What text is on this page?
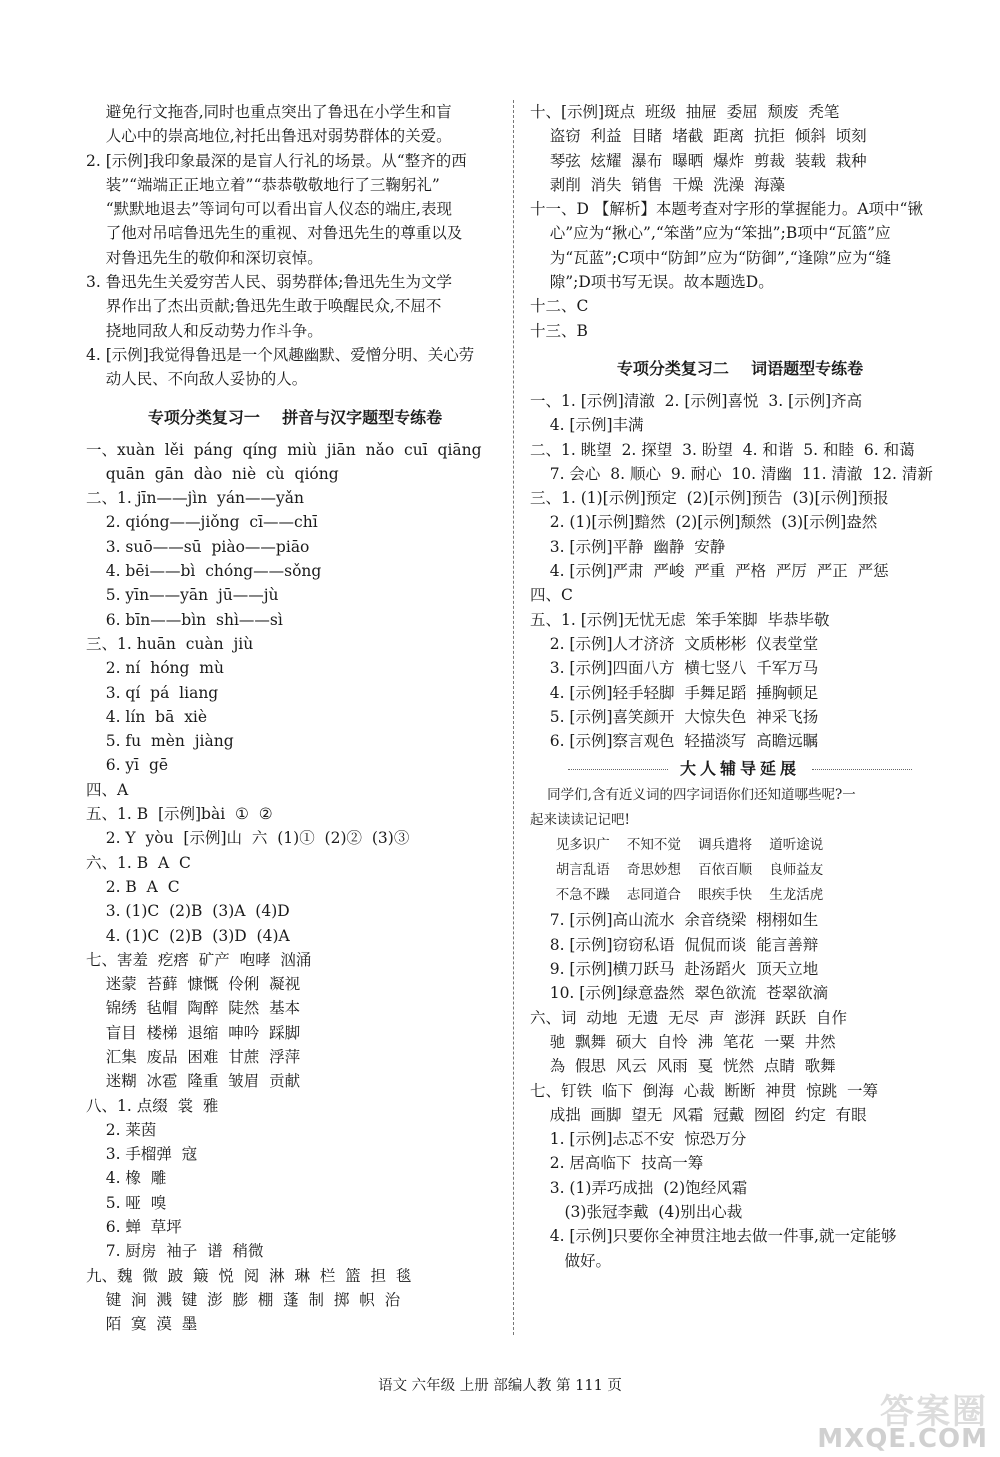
避免行文拖沓,同时也重点突出了鲁迅在小学生和盲
人心中的崇高地位,衬托出鲁迅对弱势群体的关爱。
2. [示例]我印象最深的是盲人行礼的场景。从“整齐的西
装”“端端正正地立着”“恭恭敬敬地行了三鞠躬礼”
“默默地退去”等词句可以看出盲人仪态的端庄,表现
了他对吊唁鲁迅先生的重视、对鲁迅先生的尊重以及
对鲁迅先生的敬仰和深切哀悼。
3. 鲁迅先生关爱穷苦人民、弱势群体;鲁迅先生为文学
界作出了杰出贡献;鲁迅先生敢于唤醒民众,不屈不
挠地同敌人和反动势力作斗争。
4. [示例]我觉得鲁迅是一个风趣幽默、爱憎分明、关心劳
动人民、不向敌人妥协的人。
专项分类复习一    拼音与汉字题型专练卷
一、xuàn  lěi  páng  qíng  miù  jiān  nǎo  cuī  qiāng
quān  gān  dào  niè  cù  qióng
二、1. jīn——jìn  yán——yǎn
2. qióng——jiǒng  cī——chī
3. suō——sū  piào——piāo
4. bēi——bì  chóng——sǒng
5. yīn——yān  jū——jù
6. bīn——bìn  shì——sì
三、1. huān  cuàn  jiù
2. ní  hóng  mù
3. qí  pá  liang
4. lín  bā  xiè
5. fu  mèn  jiàng
6. yī  gē
四、A
五、1. B  [示例]bài  ①  ②
2. Y  yòu  [示例]山  六  (1)①  (2)②  (3)③
六、1. B  A  C
2. B  A  C
3. (1)C  (2)B  (3)A  (4)D
4. (1)C  (2)B  (3)D  (4)A
七、害羞  疙瘩  矿产  咆哮  汹涌
迷蒙  苔藓  慷慨  伶俐  凝视
锦绣  毡帽  陶醉  陡然  基本
盲目  楼梯  退缩  呻吟  踩脚
汇集  废品  困难  甘蔗  浮萍
迷糊  冰雹  隆重  皱眉  贡献
八、1. 点缀  裳  雅
2. 莱茵
3. 手榴弹  寇
4. 橡  雕
5. 哑  嗅
6. 蝉  草坪
7. 厨房  袖子  谱  稍微
九、魏  微  跛  簸  悦  阅  淋  琳  栏  篮  担  毯
键  涧  溅  键  澎  膨  棚  蓬  制  掷  帜  治
陌  寞  漠  墨
十、[示例]斑点  班级  抽屉  委屈  颓废  秃笔
盗窃  利益  目睹  堵截  距离  抗拒  倾斜  顷刻
琴弦  炫耀  瀑布  曝晒  爆炸  剪裁  装载  栽种
剥削  消失  销售  干燥  洗澡  海藻
十一、D 【解析】本题考查对字形的掌握能力。A项中“锹
心”应为“揪心”,“笨凿”应为“笨拙”;B项中“瓦篮”应
为“瓦蓝”;C项中“防卸”应为“防御”,“逢隙”应为“缝
隙”;D项书写无误。故本题选D。
十二、C
十三、B
专项分类复习二    词语题型专练卷
一、1. [示例]清澈  2. [示例]喜悦  3. [示例]齐高
4. [示例]丰满
二、1. 眺望  2. 探望  3. 盼望  4. 和谐  5. 和睦  6. 和蔼
7. 会心  8. 顺心  9. 耐心  10. 清幽  11. 清澈  12. 清新
三、1. (1)[示例]预定  (2)[示例]预告  (3)[示例]预报
2. (1)[示例]黯然  (2)[示例]颓然  (3)[示例]盎然
3. [示例]平静  幽静  安静
4. [示例]严肃  严峻  严重  严格  严厉  严正  严惩
四、C
五、1. [示例]无忧无虑  笨手笨脚  毕恭毕敬
2. [示例]人才济济  文质彬彬  仪表堂堂
3. [示例]四面八方  横七竖八  千军万马
4. [示例]轻手轻脚  手舞足蹈  捶胸顿足
5. [示例]喜笑颜开  大惊失色  神采飞扬
6. [示例]察言观色  轻描淡写  高瞻远瞩
大人辅导延展
同学们,含有近义词的四字词语你们还知道哪些呢?一
起来读读记记吧!
见多识广    不知不觉    调兵遣将    道听途说
胡言乱语    奇思妙想    百依百顺    良师益友
不急不躁    志同道合    眼疾手快    生龙活虎
7. [示例]高山流水  余音绕梁  栩栩如生
8. [示例]窃窃私语  侃侃而谈  能言善辩
9. [示例]横刀跃马  赴汤蹈火  顶天立地
10. [示例]绿意盎然  翠色欲流  苍翠欲滴
六、词  动地  无遗  无尽  声  澎湃  跃跃  自作
驰  飘舞  硕大  自怜  沸  笔花  一粟  井然
為  假思  风云  风雨  戛  恍然  点睛  歌舞
七、钉铁  临下  倒海  心裁  断断  神贯  惊跳  一筹
成拙  画脚  望无  风霜  冠戴  囫囵  约定  有眼
1. [示例]忐忑不安  惊恐万分
2. 居高临下  技高一筹
3. (1)弄巧成拙  (2)饱经风霜
(3)张冠李戴  (4)别出心裁
4. [示例]只要你全神贯注地去做一件事,就一定能够
做好。
语文 六年级 上册 部编人教 第 111 页
答案圈
MXQE.COM
